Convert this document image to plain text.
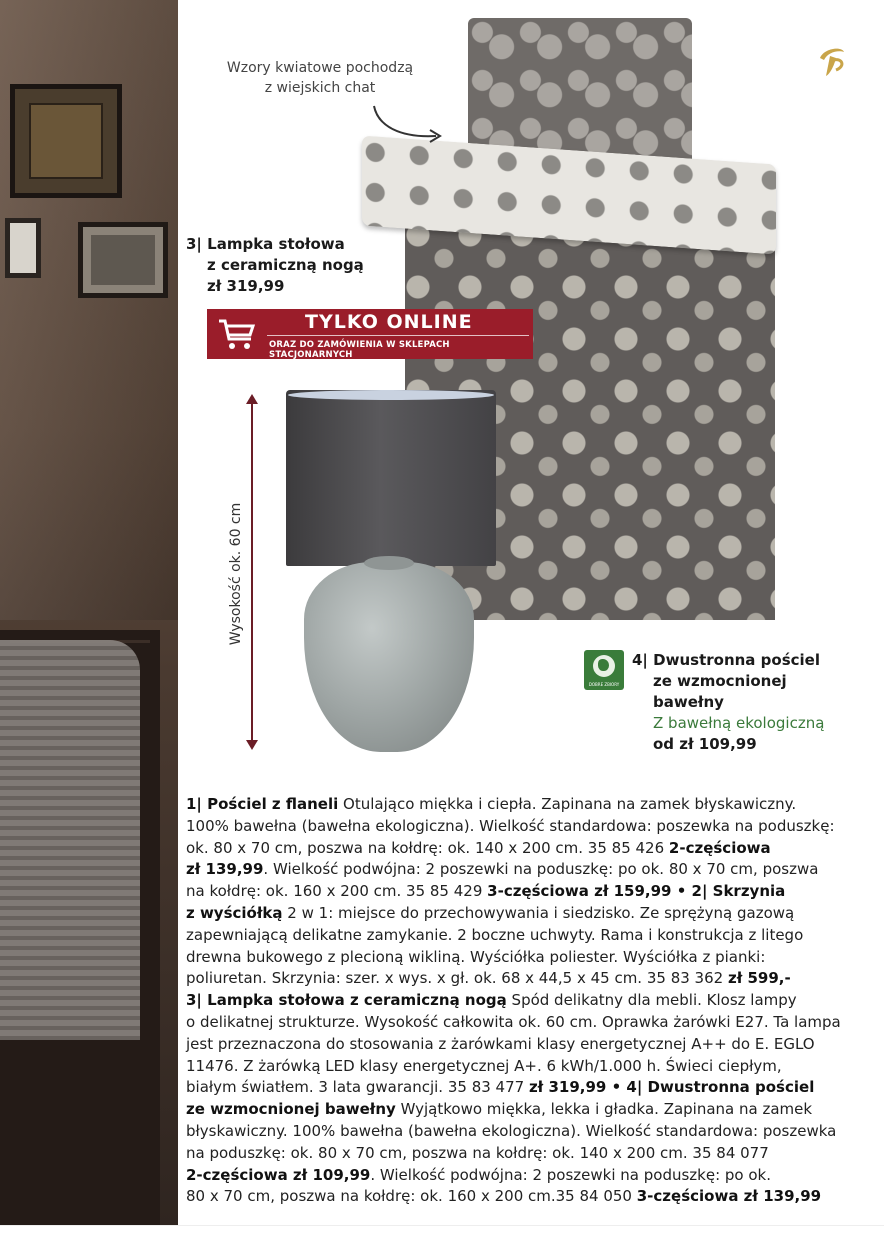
Wzory kwiatowe pochodzą
z wiejskich chat
3| Lampka stołowa
z ceramiczną nogą
zł 319,99
TYLKO ONLINE
ORAZ DO ZAMÓWIENIA W SKLEPACH STACJONARNYCH
Wysokość ok. 60 cm
DOBRE ZBIORY
4| Dwustronna pościel
ze wzmocnionej
bawełny
Z bawełną ekologiczną
od zł 109,99
1| Pościel z flaneli Otulająco miękka i ciepła. Zapinana na zamek błyskawiczny.
100% bawełna (bawełna ekologiczna). Wielkość standardowa: poszewka na poduszkę:
ok. 80 x 70 cm, poszwa na kołdrę: ok. 140 x 200 cm. 35 85 426 2-częściowa
zł 139,99. Wielkość podwójna: 2 poszewki na poduszkę: po ok. 80 x 70 cm, poszwa
na kołdrę: ok. 160 x 200 cm. 35 85 429 3-częściowa zł 159,99 • 2| Skrzynia
z wyściółką 2 w 1: miejsce do przechowywania i siedzisko. Ze sprężyną gazową
zapewniającą delikatne zamykanie. 2 boczne uchwyty. Rama i konstrukcja z litego
drewna bukowego z plecioną wikliną. Wyściółka poliester. Wyściółka z pianki:
poliuretan. Skrzynia: szer. x wys. x gł. ok. 68 x 44,5 x 45 cm. 35 83 362 zł 599,-
3| Lampka stołowa z ceramiczną nogą Spód delikatny dla mebli. Klosz lampy
o delikatnej strukturze. Wysokość całkowita ok. 60 cm. Oprawka żarówki E27. Ta lampa
jest przeznaczona do stosowania z żarówkami klasy energetycznej A++ do E. EGLO
11476. Z żarówką LED klasy energetycznej A+. 6 kWh/1.000 h. Świeci ciepłym,
białym światłem. 3 lata gwarancji. 35 83 477 zł 319,99 • 4| Dwustronna pościel
ze wzmocnionej bawełny Wyjątkowo miękka, lekka i gładka. Zapinana na zamek
błyskawiczny. 100% bawełna (bawełna ekologiczna). Wielkość standardowa: poszewka
na poduszkę: ok. 80 x 70 cm, poszwa na kołdrę: ok. 140 x 200 cm. 35 84 077
2-częściowa zł 109,99. Wielkość podwójna: 2 poszewki na poduszkę: po ok.
80 x 70 cm, poszwa na kołdrę: ok. 160 x 200 cm.35 84 050 3-częściowa zł 139,99
